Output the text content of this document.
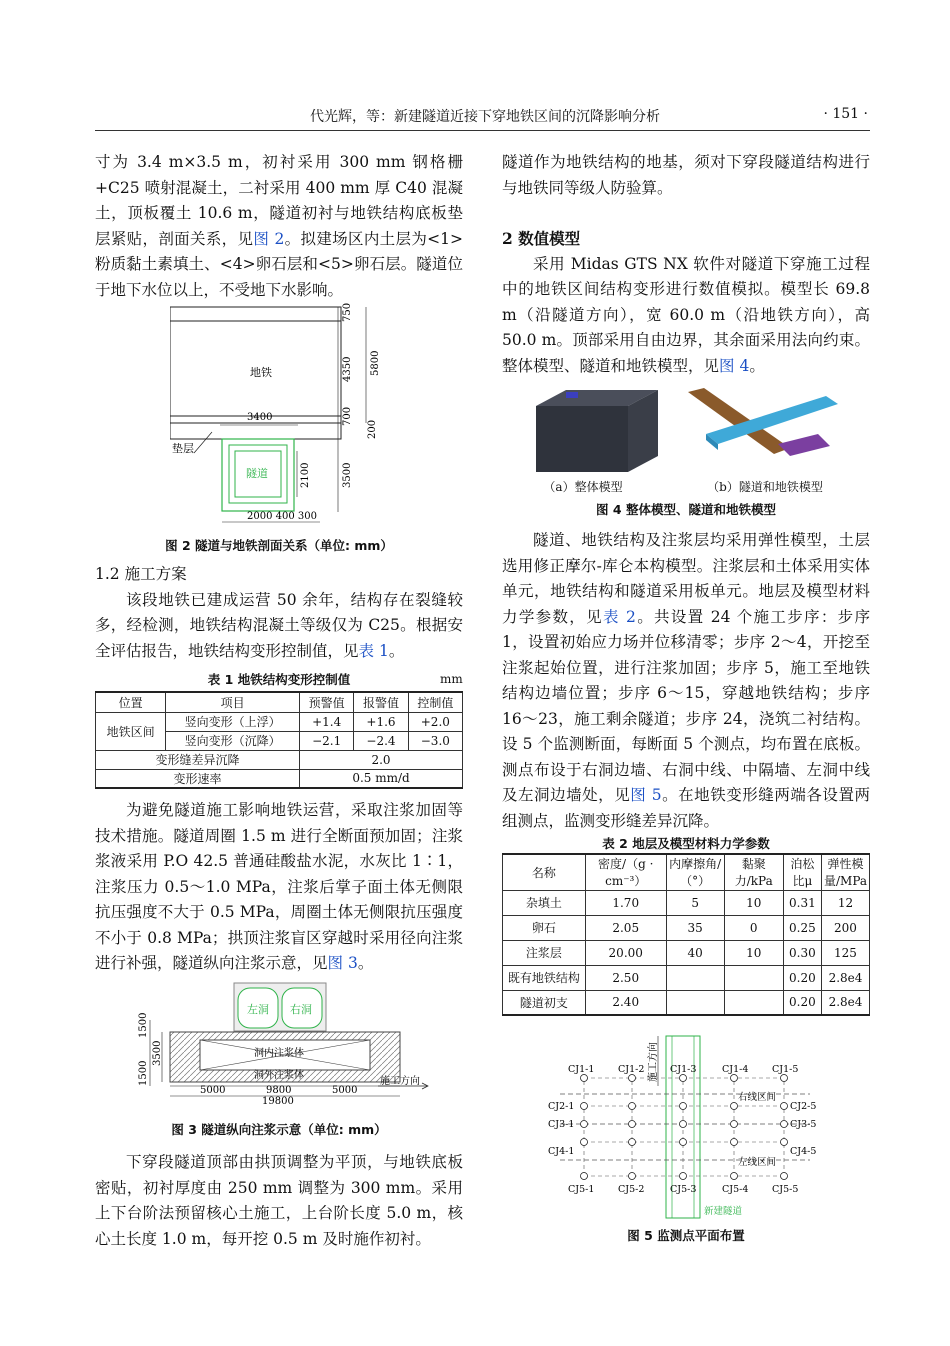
代光辉，等：新建隧道近接下穿地铁区间的沉降影响分析	· 151 ·

寸为 3.4 m×3.5 m，初衬采用 300 mm 钢格栅+C25 喷射混凝土，二衬采用 400 mm 厚 C40 混凝土，顶板覆土 10.6 m，隧道初衬与地铁结构底板垫层紧贴，剖面关系，见图 2。拟建场区内土层为<1>粉质黏土素填土、<4>卵石层和<5>卵石层。隧道位于地下水位以上，不受地下水影响。

地铁
3400
隧道
垫层
750
4350 5800
700
200
2100	3500
2000 400 300
图 2 隧道与地铁剖面关系（单位: mm）

1.2 施工方案

该段地铁已建成运营 50 余年，结构存在裂缝较多，经检测，地铁结构混凝土等级仅为 C25。根据安全评估报告，地铁结构变形控制值，见表 1。

表 1 地铁结构变形控制值	mm
位置	项目	预警值	报警值	控制值
地铁区间	竖向变形（上浮）	+1.4	+1.6	+2.0
	竖向变形（沉降）	−2.1	−2.4	−3.0
变形缝差异沉降		2.0		
变形速率		0.5 mm/d		

为避免隧道施工影响地铁运营，采取注浆加固等技术措施。隧道周圈 1.5 m 进行全断面预加固；注浆浆液采用 P.O 42.5 普通硅酸盐水泥，水灰比 1∶1，注浆压力 0.5～1.0 MPa，注浆后掌子面土体无侧限抗压强度不大于 0.5 MPa，周圈土体无侧限抗压强度不小于 0.8 MPa；拱顶注浆盲区穿越时采用径向注浆进行补强，隧道纵向注浆示意，见图 3。

左洞 右洞
洞内注浆体
洞外注浆体
5000	9800	5000
19800
施工方向
1500
3500
1500
图 3 隧道纵向注浆示意（单位: mm）

下穿段隧道顶部由拱顶调整为平顶，与地铁底板密贴，初衬厚度由 250 mm 调整为 300 mm。采用上下台阶法预留核心土施工，上台阶长度 5.0 m，核心土长度 1.0 m，每开挖 0.5 m 及时施作初衬。

隧道作为地铁结构的地基，须对下穿段隧道结构进行与地铁同等级人防验算。

2 数值模型

采用 Midas GTS NX 软件对隧道下穿施工过程中的地铁区间结构变形进行数值模拟。模型长 69.8 m（沿隧道方向），宽 60.0 m（沿地铁方向），高 50.0 m。顶部采用自由边界，其余面采用法向约束。整体模型、隧道和地铁模型，见图 4。

（a）整体模型	（b）隧道和地铁模型
图 4 整体模型、隧道和地铁模型

隧道、地铁结构及注浆层均采用弹性模型，土层选用修正摩尔-库仑本构模型。注浆层和土体采用实体单元，地铁结构和隧道采用板单元。地层及模型材料力学参数，见表 2。共设置 24 个施工步序：步序 1，设置初始应力场并位移清零；步序 2～4，开挖至注浆起始位置，进行注浆加固；步序 5，施工至地铁结构边墙位置；步序 6～15，穿越地铁结构；步序 16～23，施工剩余隧道；步序 24，浇筑二衬结构。设 5 个监测断面，每断面 5 个测点，均布置在底板。测点布设于右洞边墙、右洞中线、中隔墙、左洞中线及左洞边墙处，见图 5。在地铁变形缝两端各设置两组测点，监测变形缝差异沉降。

表 2 地层及模型材料力学参数
名称	密度/（g · cm⁻³）	内摩擦角/（°）	黏聚力/kPa	泊松比μ	弹性模量/MPa
杂填土	1.70	5	10	0.31	12
卵石	2.05	35	0	0.25	200
注浆层	20.00	40	10	0.30	125
既有地铁结构	2.50			0.20	2.8e4
隧道初支	2.40			0.20	2.8e4
施工方向
CJ1-1 CJ1-2	CJ1-3	CJ1-4 CJ1-5
CJ5-1 CJ5-2	CJ5-3	CJ5-4 CJ5-5
CJ2-1
CJ3-1
CJ4-1
CJ2-5
CJ3-5
CJ4-5
右线区间
左线区间
新建隧道
图 5 监测点平面布置
